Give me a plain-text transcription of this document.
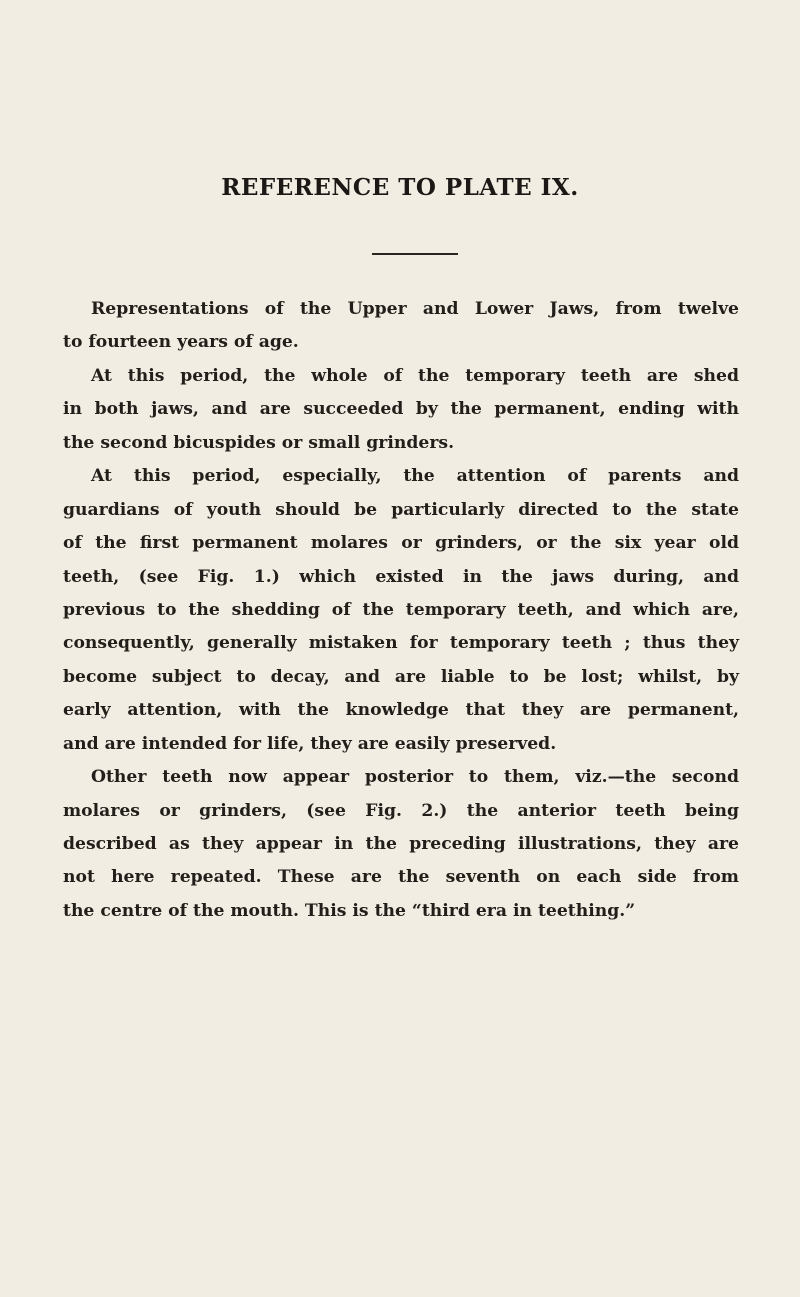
REFERENCE TO PLATE IX.
Representations of the Upper and Lower Jaws, from twelve
to fourteen years of age.
At this period, the whole of the temporary teeth are shed
in both jaws, and are succeeded by the permanent, ending with
the second bicuspides or small grinders.
At this period, especially, the attention of parents and
guardians of youth should be particularly directed to the state
of the first permanent molares or grinders, or the six year old
teeth, (see Fig. 1.) which existed in the jaws during, and
previous to the shedding of the temporary teeth, and which are,
consequently, generally mistaken for temporary teeth ; thus they
become subject to decay, and are liable to be lost; whilst, by
early attention, with the knowledge that they are permanent,
and are intended for life, they are easily preserved.
Other teeth now appear posterior to them, viz.—the second
molares or grinders, (see Fig. 2.) the anterior teeth being
described as they appear in the preceding illustrations, they are
not here repeated. These are the seventh on each side from
the centre of the mouth. This is the “third era in teething.”
